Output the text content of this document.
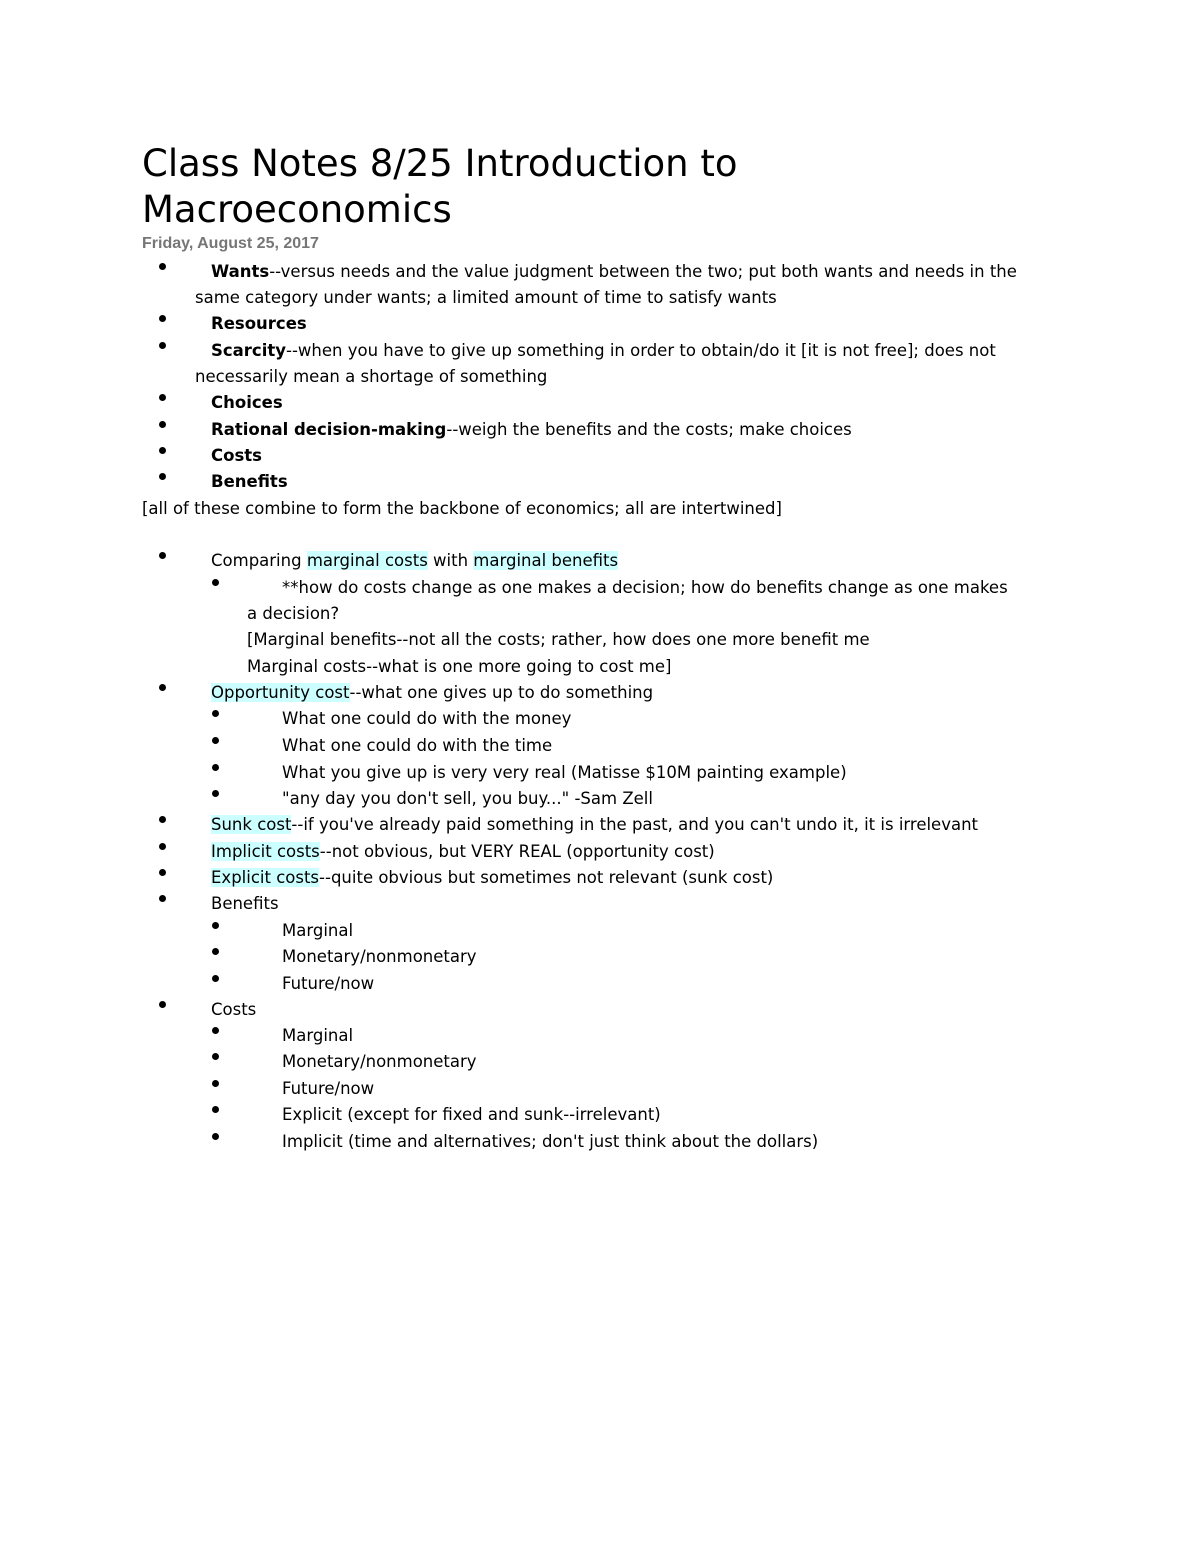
Class Notes 8/25 Introduction to
Macroeconomics
Friday, August 25, 2017
Wants--versus needs and the value judgment between the two; put both wants and needs in the
same category under wants; a limited amount of time to satisfy wants
Resources
Scarcity--when you have to give up something in order to obtain/do it [it is not free]; does not
necessarily mean a shortage of something
Choices
Rational decision-making--weigh the benefits and the costs; make choices
Costs
Benefits
[all of these combine to form the backbone of economics; all are intertwined]
Comparing marginal costs with marginal benefits
**how do costs change as one makes a decision; how do benefits change as one makes
a decision?
[Marginal benefits--not all the costs; rather, how does one more benefit me
Marginal costs--what is one more going to cost me]
Opportunity cost--what one gives up to do something
What one could do with the money
What one could do with the time
What you give up is very very real (Matisse $10M painting example)
"any day you don't sell, you buy..." -Sam Zell
Sunk cost--if you've already paid something in the past, and you can't undo it, it is irrelevant
Implicit costs--not obvious, but VERY REAL (opportunity cost)
Explicit costs--quite obvious but sometimes not relevant (sunk cost)
Benefits
Marginal
Monetary/nonmonetary
Future/now
Costs
Marginal
Monetary/nonmonetary
Future/now
Explicit (except for fixed and sunk--irrelevant)
Implicit (time and alternatives; don't just think about the dollars)
